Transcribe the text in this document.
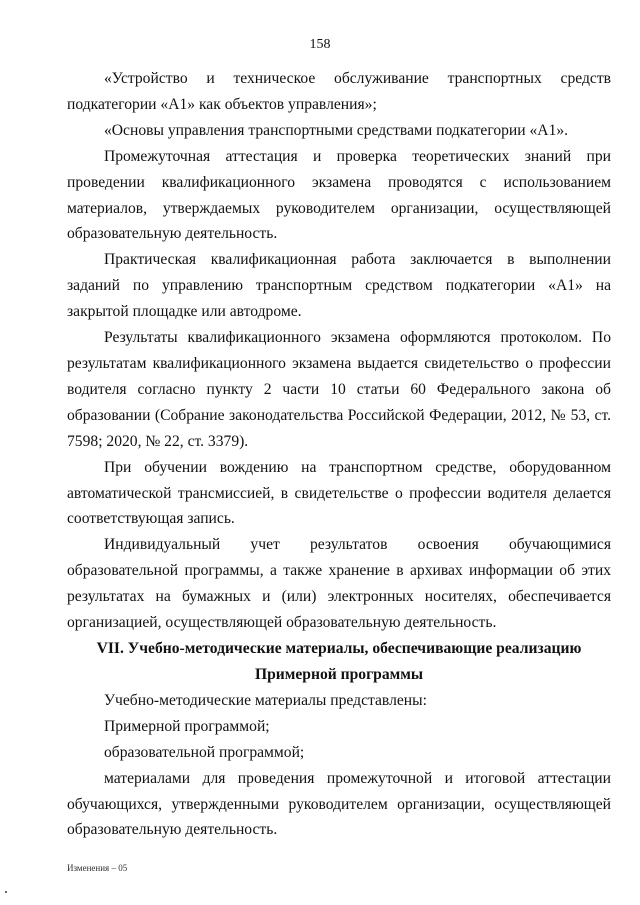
158

«Устройство и техническое обслуживание транспортных средств подкатегории «А1» как объектов управления»;

«Основы управления транспортными средствами подкатегории «А1».

Промежуточная аттестация и проверка теоретических знаний при проведении квалификационного экзамена проводятся с использованием материалов, утверждаемых руководителем организации, осуществляющей образовательную деятельность.

Практическая квалификационная работа заключается в выполнении заданий по управлению транспортным средством подкатегории «А1» на закрытой площадке или автодроме.

Результаты квалификационного экзамена оформляются протоколом. По результатам квалификационного экзамена выдается свидетельство о профессии водителя согласно пункту 2 части 10 статьи 60 Федерального закона об образовании (Собрание законодательства Российской Федерации, 2012, № 53, ст. 7598; 2020, № 22, ст. 3379).

При обучении вождению на транспортном средстве, оборудованном автоматической трансмиссией, в свидетельстве о профессии водителя делается соответствующая запись.

Индивидуальный учет результатов освоения обучающимися образовательной программы, а также хранение в архивах информации об этих результатах на бумажных и (или) электронных носителях, обеспечивается организацией, осуществляющей образовательную деятельность.

VII. Учебно-методические материалы, обеспечивающие реализацию

Примерной программы

Учебно-методические материалы представлены:

Примерной программой;

образовательной программой;

материалами для проведения промежуточной и итоговой аттестации обучающихся, утвержденными руководителем организации, осуществляющей образовательную деятельность.

Изменения – 05
